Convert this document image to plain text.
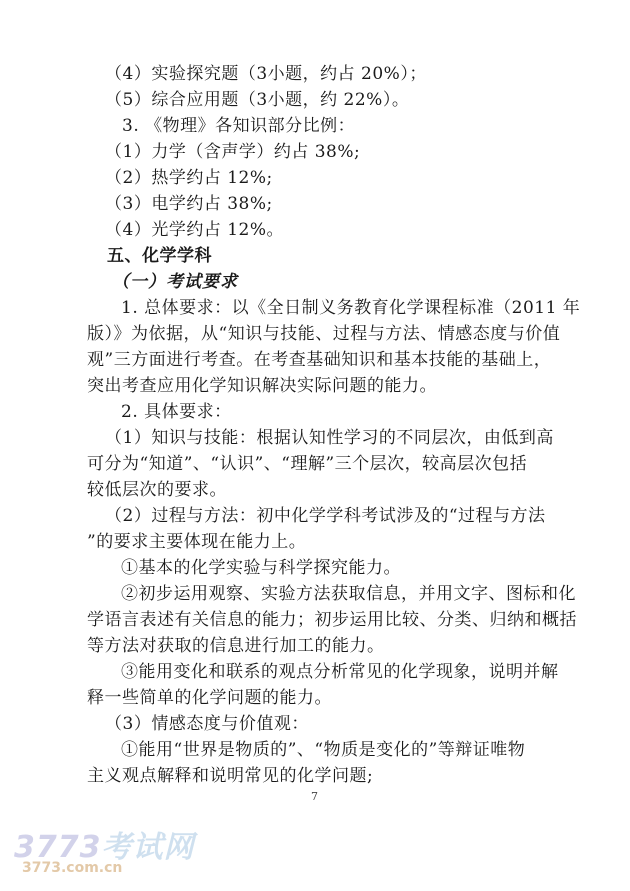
（4）实验探究题（3小题，约占 20%）；
（5）综合应用题（3小题，约 22%）。
3. 《物理》各知识部分比例：
（1）力学（含声学）约占 38%;
（2）热学约占 12%;
（3）电学约占 38%;
（4）光学约占 12%。
五、化学学科
（一）考试要求
1. 总体要求：以《全日制义务教育化学课程标准（2011 年
版）》为依据，从“知识与技能、过程与方法、情感态度与价值
观”三方面进行考查。在考查基础知识和基本技能的基础上，
突出考查应用化学知识解决实际问题的能力。
2. 具体要求：
（1）知识与技能：根据认知性学习的不同层次，由低到高
可分为“知道”、“认识”、“理解”三个层次，较高层次包括
较低层次的要求。
（2）过程与方法：初中化学学科考试涉及的“过程与方法
”的要求主要体现在能力上。
①基本的化学实验与科学探究能力。
②初步运用观察、实验方法获取信息，并用文字、图标和化
学语言表述有关信息的能力；初步运用比较、分类、归纳和概括
等方法对获取的信息进行加工的能力。
③能用变化和联系的观点分析常见的化学现象，说明并解
释一些简单的化学问题的能力。
（3）情感态度与价值观：
①能用“世界是物质的”、“物质是变化的”等辩证唯物
主义观点解释和说明常见的化学问题;
7
3773考试网
3773.com.cn
